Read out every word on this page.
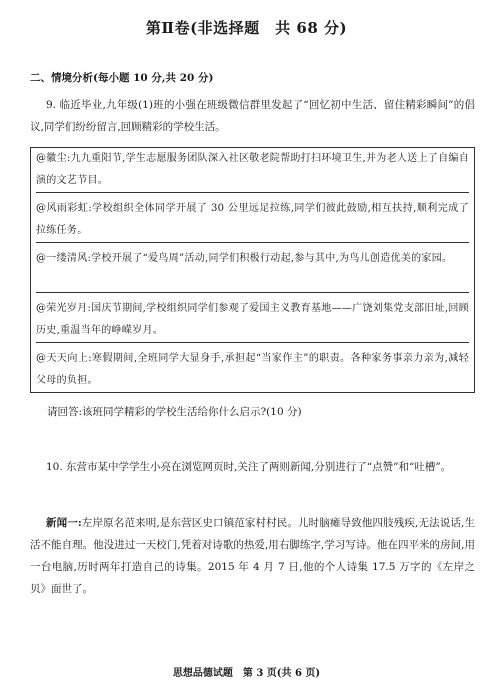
第Ⅱ卷(非选择题　共 68 分)
二、情境分析(每小题 10 分,共 20 分)
9. 临近毕业,九年级(1)班的小强在班级微信群里发起了“回忆初中生活、留住精彩瞬间”的倡议,同学们纷纷留言,回顾精彩的学校生活。
@徽尘:九九重阳节,学生志愿服务团队深入社区敬老院帮助打扫环境卫生,并为老人送上了自编自演的文艺节目。
@风雨彩虹:学校组织全体同学开展了 30 公里远足拉练,同学们彼此鼓励,相互扶持,顺利完成了拉练任务。
@一缕清风:学校开展了“爱鸟周”活动,同学们积极行动起,参与其中,为鸟儿创造优美的家园。
@荣光岁月:国庆节期间,学校组织同学们参观了爱国主义教育基地——广饶刘集党支部旧址,回顾历史,重温当年的峥嵘岁月。
@天天向上:寒假期间,全班同学大显身手,承担起“当家作主”的职责。各种家务事亲力亲为,减轻父母的负担。
请回答:该班同学精彩的学校生活给你什么启示?(10 分)
10. 东营市某中学学生小亮在浏览网页时,关注了两则新闻,分别进行了“点赞”和“吐槽”。
新闻一:左岸原名范来明,是东营区史口镇范家村村民。儿时脑瘫导致他四肢残疾,无法说话,生活不能自理。他没进过一天校门,凭着对诗歌的热爱,用右脚练字,学习写诗。他在四平米的房间,用一台电脑,历时两年打造自己的诗集。2015 年 4 月 7 日,他的个人诗集 17.5 万字的《左岸之贝》面世了。
思想品德试题　第 3 页(共 6 页)
